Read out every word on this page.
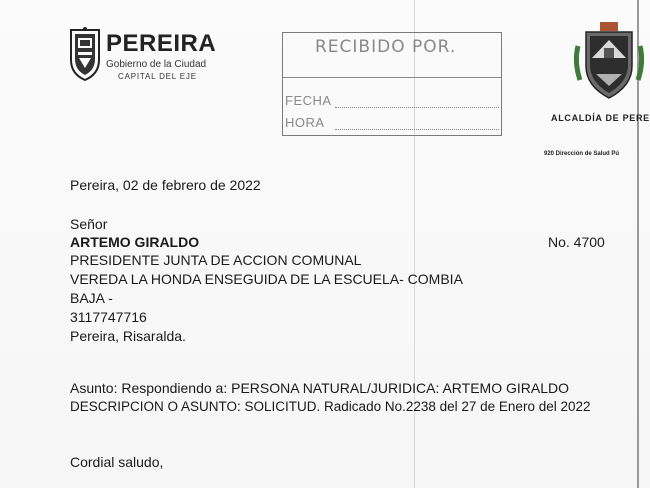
PEREIRA
Gobierno de la Ciudad
CAPITAL DEL EJE
RECIBIDO POR.
FECHA
HORA	ALCALDÍA DE PERE
920 Dirección de Salud Pú
Pereira, 02 de febrero de 2022
Señor
ARTEMO GIRALDO	No. 4700
PRESIDENTE JUNTA DE ACCION COMUNAL
VEREDA LA HONDA ENSEGUIDA DE LA ESCUELA- COMBIA
BAJA -
3117747716
Pereira, Risaralda.
Asunto: Respondiendo a: PERSONA NATURAL/JURIDICA: ARTEMO GIRALDO
DESCRIPCION O ASUNTO: SOLICITUD. Radicado No.2238 del 27 de Enero del 2022
Cordial saludo,
